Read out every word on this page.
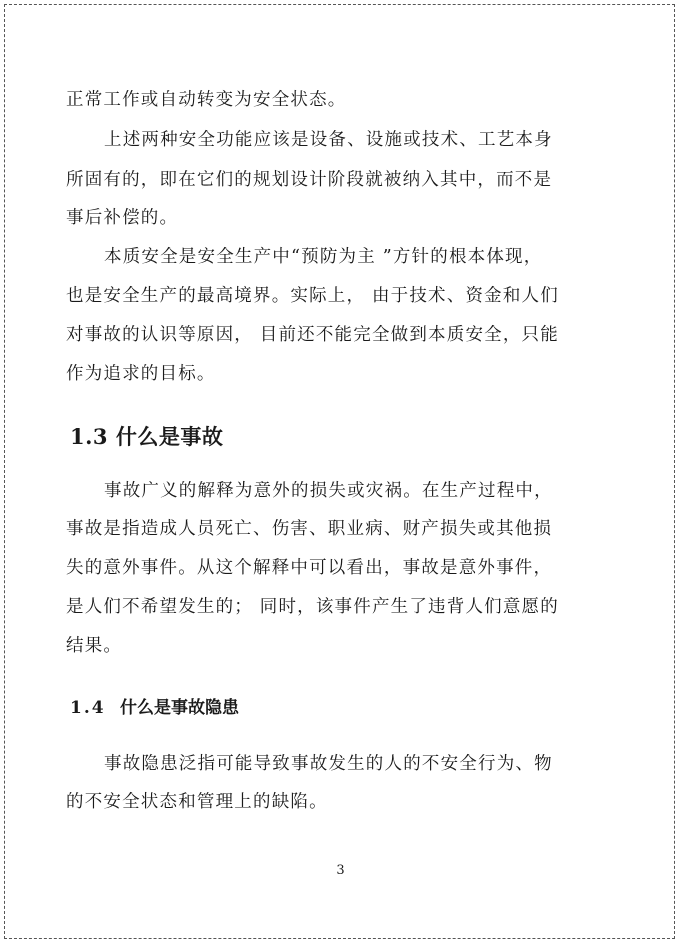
正常工作或自动转变为安全状态。
上述两种安全功能应该是设备、设施或技术、工艺本身
所固有的，即在它们的规划设计阶段就被纳入其中，而不是
事后补偿的。
本质安全是安全生产中“预防为主 ”方针的根本体现，
也是安全生产的最高境界。实际上， 由于技术、资金和人们
对事故的认识等原因， 目前还不能完全做到本质安全，只能
作为追求的目标。
1.3 什么是事故
事故广义的解释为意外的损失或灾祸。在生产过程中，
事故是指造成人员死亡、伤害、职业病、财产损失或其他损
失的意外事件。从这个解释中可以看出，事故是意外事件，
是人们不希望发生的； 同时，该事件产生了违背人们意愿的
结果。
1.4 什么是事故隐患
事故隐患泛指可能导致事故发生的人的不安全行为、物
的不安全状态和管理上的缺陷。
3
